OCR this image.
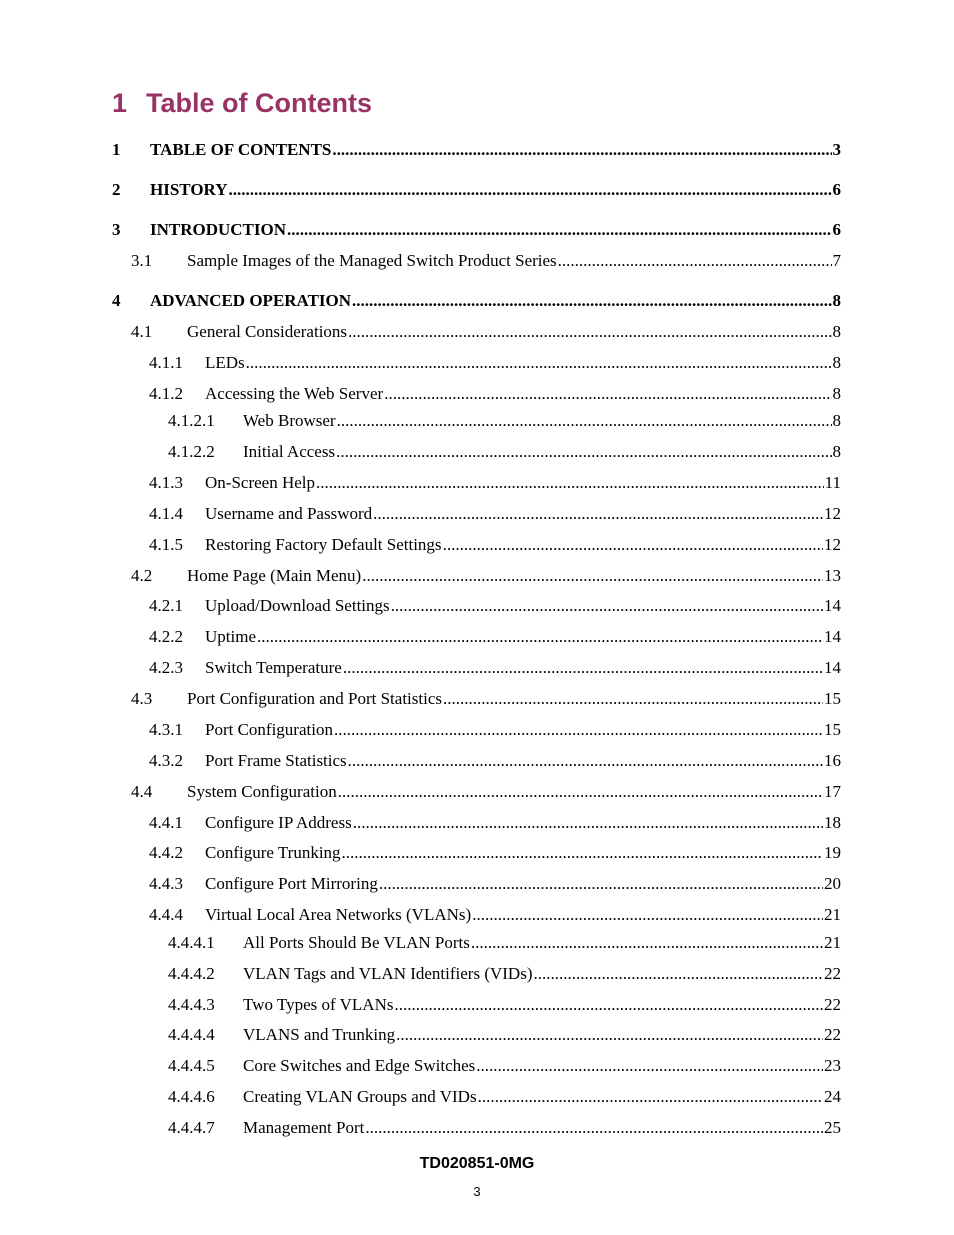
1 Table of Contents
1	TABLE OF CONTENTS .....	3
2	HISTORY .....	6
3	INTRODUCTION .....	6
3.1	Sample Images of the Managed Switch Product Series .....	7
4	ADVANCED OPERATION .....	8
4.1	General Considerations .....	8
4.1.1	LEDs .....	8
4.1.2	Accessing the Web Server .....	8
4.1.2.1	Web Browser .....	8
4.1.2.2	Initial Access .....	8
4.1.3	On-Screen Help .....	11
4.1.4	Username and Password .....	12
4.1.5	Restoring Factory Default Settings .....	12
4.2	Home Page (Main Menu) .....	13
4.2.1	Upload/Download Settings .....	14
4.2.2	Uptime .....	14
4.2.3	Switch Temperature .....	14
4.3	Port Configuration and Port Statistics .....	15
4.3.1	Port Configuration .....	15
4.3.2	Port Frame Statistics .....	16
4.4	System Configuration .....	17
4.4.1	Configure IP Address .....	18
4.4.2	Configure Trunking .....	19
4.4.3	Configure Port Mirroring .....	20
4.4.4	Virtual Local Area Networks (VLANs) .....	21
4.4.4.1	All Ports Should Be VLAN Ports .....	21
4.4.4.2	VLAN Tags and VLAN Identifiers (VIDs) .....	22
4.4.4.3	Two Types of VLANs .....	22
4.4.4.4	VLANS and Trunking .....	22
4.4.4.5	Core Switches and Edge Switches .....	23
4.4.4.6	Creating VLAN Groups and VIDs .....	24
4.4.4.7	Management Port .....	25
TD020851-0MG
3
